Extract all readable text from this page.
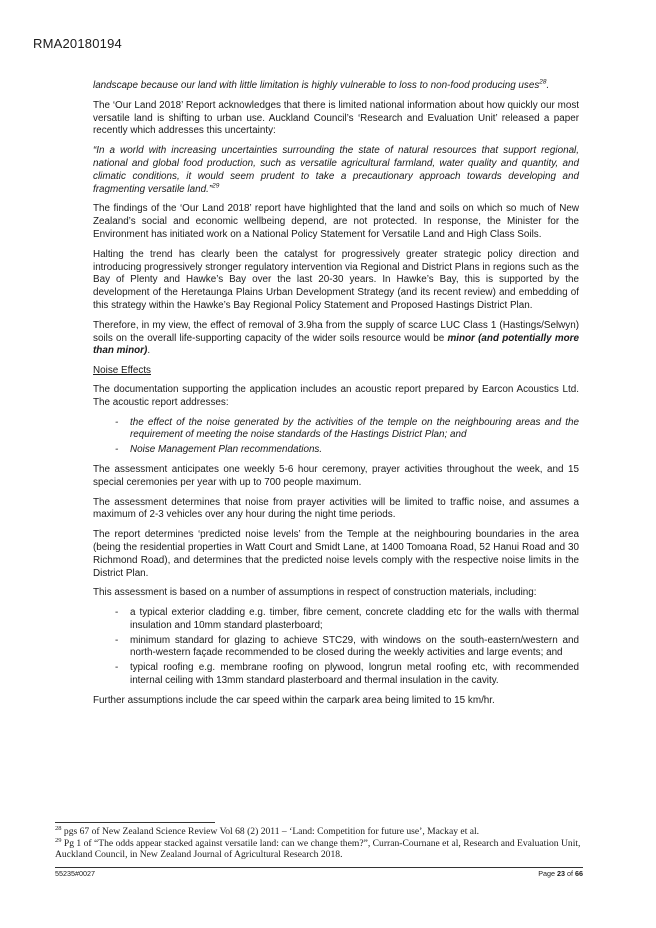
RMA20180194

landscape because our land with little limitation is highly vulnerable to loss to non-food producing uses$^{28}$.

The ‘Our Land 2018’ Report acknowledges that there is limited national information about how quickly our most versatile land is shifting to urban use. Auckland Council’s ‘Research and Evaluation Unit’ released a paper recently which addresses this uncertainty:

“In a world with increasing uncertainties surrounding the state of natural resources that support regional, national and global food production, such as versatile agricultural farmland, water quality and quantity, and climatic conditions, it would seem prudent to take a precautionary approach towards developing and fragmenting versatile land.”$^{29}$

The findings of the ‘Our Land 2018’ report have highlighted that the land and soils on which so much of New Zealand’s social and economic wellbeing depend, are not protected. In response, the Minister for the Environment has initiated work on a National Policy Statement for Versatile Land and High Class Soils.

Halting the trend has clearly been the catalyst for progressively greater strategic policy direction and introducing progressively stronger regulatory intervention via Regional and District Plans in regions such as the Bay of Plenty and Hawke’s Bay over the last 20-30 years. In Hawke’s Bay, this is supported by the development of the Heretaunga Plains Urban Development Strategy (and its recent review) and embedding of this strategy within the Hawke’s Bay Regional Policy Statement and Proposed Hastings District Plan.

Therefore, in my view, the effect of removal of 3.9ha from the supply of scarce LUC Class 1 (Hastings/Selwyn) soils on the overall life-supporting capacity of the wider soils resource would be minor (and potentially more than minor).

Noise Effects

The documentation supporting the application includes an acoustic report prepared by Earcon Acoustics Ltd. The acoustic report addresses:

- the effect of the noise generated by the activities of the temple on the neighbouring areas and the requirement of meeting the noise standards of the Hastings District Plan; and
- Noise Management Plan recommendations.

The assessment anticipates one weekly 5-6 hour ceremony, prayer activities throughout the week, and 15 special ceremonies per year with up to 700 people maximum.

The assessment determines that noise from prayer activities will be limited to traffic noise, and assumes a maximum of 2-3 vehicles over any hour during the night time periods.

The report determines ‘predicted noise levels’ from the Temple at the neighbouring boundaries in the area (being the residential properties in Watt Court and Smidt Lane, at 1400 Tomoana Road, 52 Hanui Road and 30 Richmond Road), and determines that the predicted noise levels comply with the respective noise limits in the District Plan.

This assessment is based on a number of assumptions in respect of construction materials, including:

- a typical exterior cladding e.g. timber, fibre cement, concrete cladding etc for the walls with thermal insulation and 10mm standard plasterboard;
- minimum standard for glazing to achieve STC29, with windows on the south-eastern/western and north-western façade recommended to be closed during the weekly activities and large events; and
- typical roofing e.g. membrane roofing on plywood, longrun metal roofing etc, with recommended internal ceiling with 13mm standard plasterboard and thermal insulation in the cavity.

Further assumptions include the car speed within the carpark area being limited to 15 km/hr.

$^{28}$ pgs 67 of New Zealand Science Review Vol 68 (2) 2011 – ‘Land: Competition for future use’, Mackay et al.

$^{29}$ Pg 1 of “The odds appear stacked against versatile land: can we change them?”, Curran-Cournane et al, Research and Evaluation Unit, Auckland Council, in New Zealand Journal of Agricultural Research 2018.

55235#0027	Page 23 of 66
